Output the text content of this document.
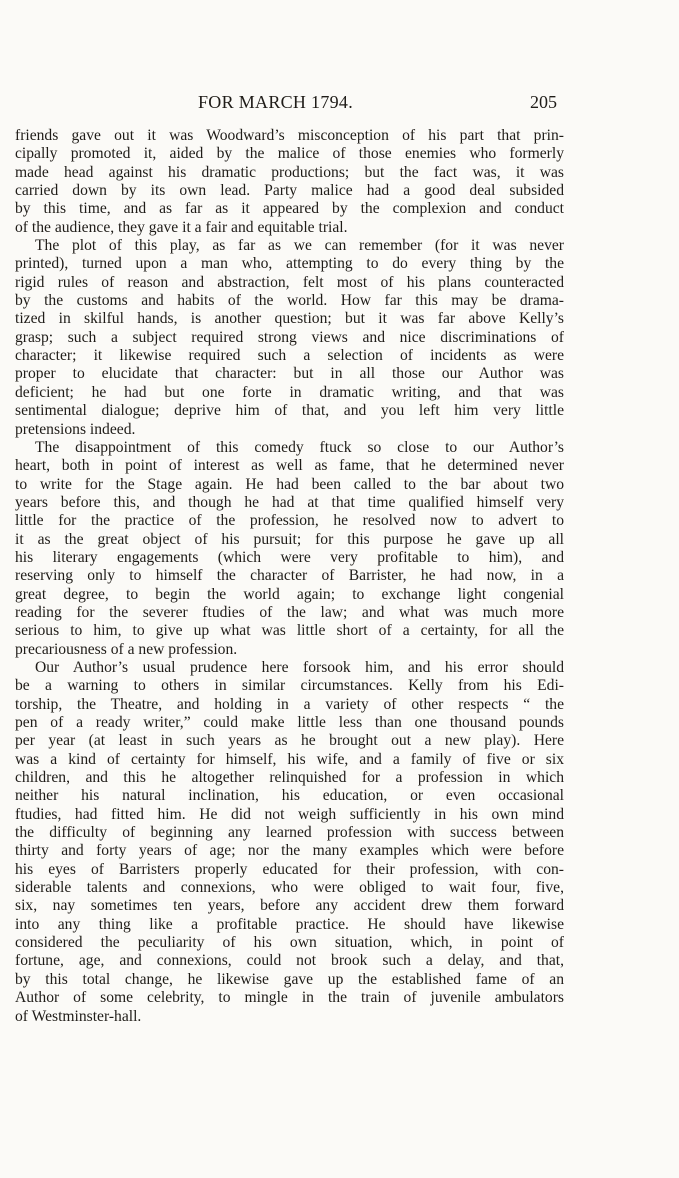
FOR MARCH 1794.	205
friends gave out it was Woodward’s misconception of his part that prin-
cipally promoted it, aided by the malice of those enemies who formerly
made head against his dramatic productions; but the fact was, it was
carried down by its own lead. Party malice had a good deal subsided
by this time, and as far as it appeared by the complexion and conduct
of the audience, they gave it a fair and equitable trial.
The plot of this play, as far as we can remember (for it was never
printed), turned upon a man who, attempting to do every thing by the
rigid rules of reason and abstraction, felt most of his plans counteracted
by the customs and habits of the world. How far this may be drama-
tized in skilful hands, is another question; but it was far above Kelly’s
grasp; such a subject required strong views and nice discriminations of
character; it likewise required such a selection of incidents as were
proper to elucidate that character: but in all those our Author was
deficient; he had but one forte in dramatic writing, and that was
sentimental dialogue; deprive him of that, and you left him very little
pretensions indeed.
The disappointment of this comedy ftuck so close to our Author’s
heart, both in point of interest as well as fame, that he determined never
to write for the Stage again. He had been called to the bar about two
years before this, and though he had at that time qualified himself very
little for the practice of the profession, he resolved now to advert to
it as the great object of his pursuit; for this purpose he gave up all
his literary engagements (which were very profitable to him), and
reserving only to himself the character of Barrister, he had now, in a
great degree, to begin the world again; to exchange light congenial
reading for the severer ftudies of the law; and what was much more
serious to him, to give up what was little short of a certainty, for all the
precariousness of a new profession.
Our Author’s usual prudence here forsook him, and his error should
be a warning to others in similar circumstances. Kelly from his Edi-
torship, the Theatre, and holding in a variety of other respects “ the
pen of a ready writer,” could make little less than one thousand pounds
per year (at least in such years as he brought out a new play). Here
was a kind of certainty for himself, his wife, and a family of five or six
children, and this he altogether relinquished for a profession in which
neither his natural inclination, his education, or even occasional
ftudies, had fitted him. He did not weigh sufficiently in his own mind
the difficulty of beginning any learned profession with success between
thirty and forty years of age; nor the many examples which were before
his eyes of Barristers properly educated for their profession, with con-
siderable talents and connexions, who were obliged to wait four, five,
six, nay sometimes ten years, before any accident drew them forward
into any thing like a profitable practice. He should have likewise
considered the peculiarity of his own situation, which, in point of
fortune, age, and connexions, could not brook such a delay, and that,
by this total change, he likewise gave up the established fame of an
Author of some celebrity, to mingle in the train of juvenile ambulators
of Westminster-hall.
